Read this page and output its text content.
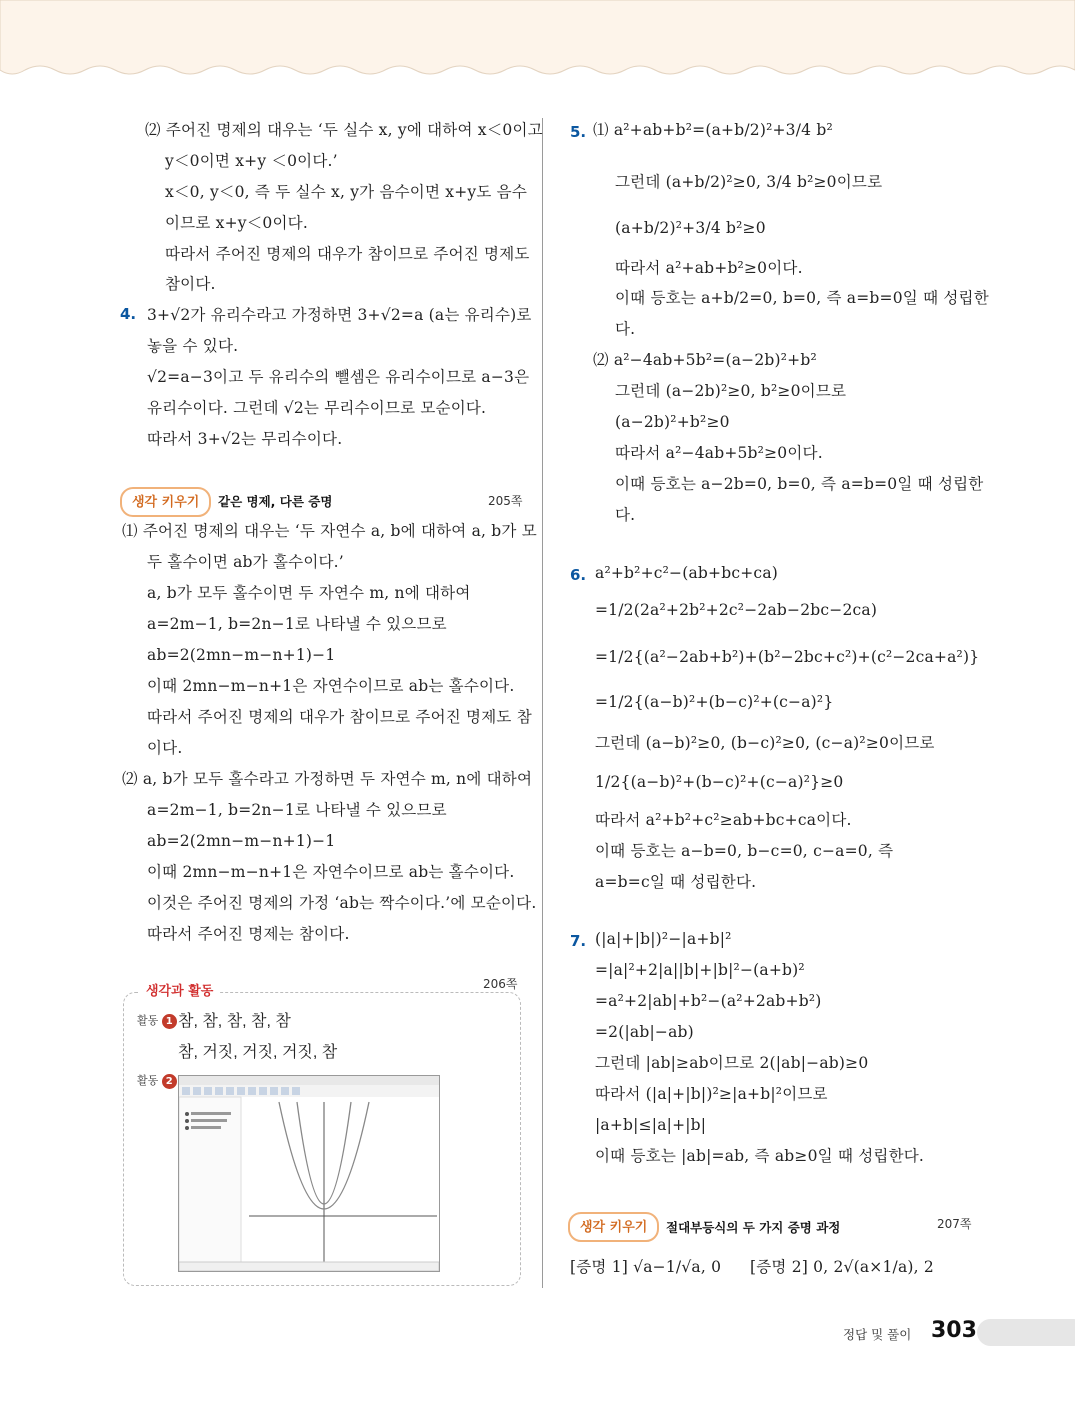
⑵ 주어진 명제의 대우는 ‘두 실수 x, y에 대하여 x＜0이고
y＜0이면 x+y ＜0이다.’
x＜0, y＜0, 즉 두 실수 x, y가 음수이면 x+y도 음수
이므로 x+y＜0이다.
따라서 주어진 명제의 대우가 참이므로 주어진 명제도
참이다.
4. 3+√2가 유리수라고 가정하면 3+√2=a (a는 유리수)로
놓을 수 있다.
√2=a−3이고 두 유리수의 뺄셈은 유리수이므로 a−3은
유리수이다. 그런데 √2는 무리수이므로 모순이다.
따라서 3+√2는 무리수이다.
생각 키우기	같은 명제, 다른 증명	205쪽
⑴ 주어진 명제의 대우는 ‘두 자연수 a, b에 대하여 a, b가 모
두 홀수이면 ab가 홀수이다.’
a, b가 모두 홀수이면 두 자연수 m, n에 대하여
a=2m−1, b=2n−1로 나타낼 수 있으므로
ab=2(2mn−m−n+1)−1
이때 2mn−m−n+1은 자연수이므로 ab는 홀수이다.
따라서 주어진 명제의 대우가 참이므로 주어진 명제도 참
이다.
⑵ a, b가 모두 홀수라고 가정하면 두 자연수 m, n에 대하여
a=2m−1, b=2n−1로 나타낼 수 있으므로
ab=2(2mn−m−n+1)−1
이때 2mn−m−n+1은 자연수이므로 ab는 홀수이다.
이것은 주어진 명제의 가정 ‘ab는 짝수이다.’에 모순이다.
따라서 주어진 명제는 참이다.
생각과 활동	206쪽
활동 1 참, 참, 참, 참, 참
참, 거짓, 거짓, 거짓, 참
활동 2
5. ⑴ a²+ab+b²=(a+b/2)²+3/4 b²
그런데 (a+b/2)²≥0, 3/4 b²≥0이므로
(a+b/2)²+3/4 b²≥0
따라서 a²+ab+b²≥0이다.
이때 등호는 a+b/2=0, b=0, 즉 a=b=0일 때 성립한
다.
⑵ a²−4ab+5b²=(a−2b)²+b²
그런데 (a−2b)²≥0, b²≥0이므로
(a−2b)²+b²≥0
따라서 a²−4ab+5b²≥0이다.
이때 등호는 a−2b=0, b=0, 즉 a=b=0일 때 성립한
다.
6. a²+b²+c²−(ab+bc+ca)
=1/2(2a²+2b²+2c²−2ab−2bc−2ca)
=1/2{(a²−2ab+b²)+(b²−2bc+c²)+(c²−2ca+a²)}
=1/2{(a−b)²+(b−c)²+(c−a)²}
그런데 (a−b)²≥0, (b−c)²≥0, (c−a)²≥0이므로
1/2{(a−b)²+(b−c)²+(c−a)²}≥0
따라서 a²+b²+c²≥ab+bc+ca이다.
이때 등호는 a−b=0, b−c=0, c−a=0, 즉
a=b=c일 때 성립한다.
7. (|a|+|b|)²−|a+b|²
=|a|²+2|a||b|+|b|²−(a+b)²
=a²+2|ab|+b²−(a²+2ab+b²)
=2(|ab|−ab)
그런데 |ab|≥ab이므로 2(|ab|−ab)≥0
따라서 (|a|+|b|)²≥|a+b|²이므로
|a+b|≤|a|+|b|
이때 등호는 |ab|=ab, 즉 ab≥0일 때 성립한다.
생각 키우기	절대부등식의 두 가지 증명 과정	207쪽
[증명 1] √a−1/√a, 0 [증명 2] 0, 2√(a×1/a), 2
정답 및 풀이 303
